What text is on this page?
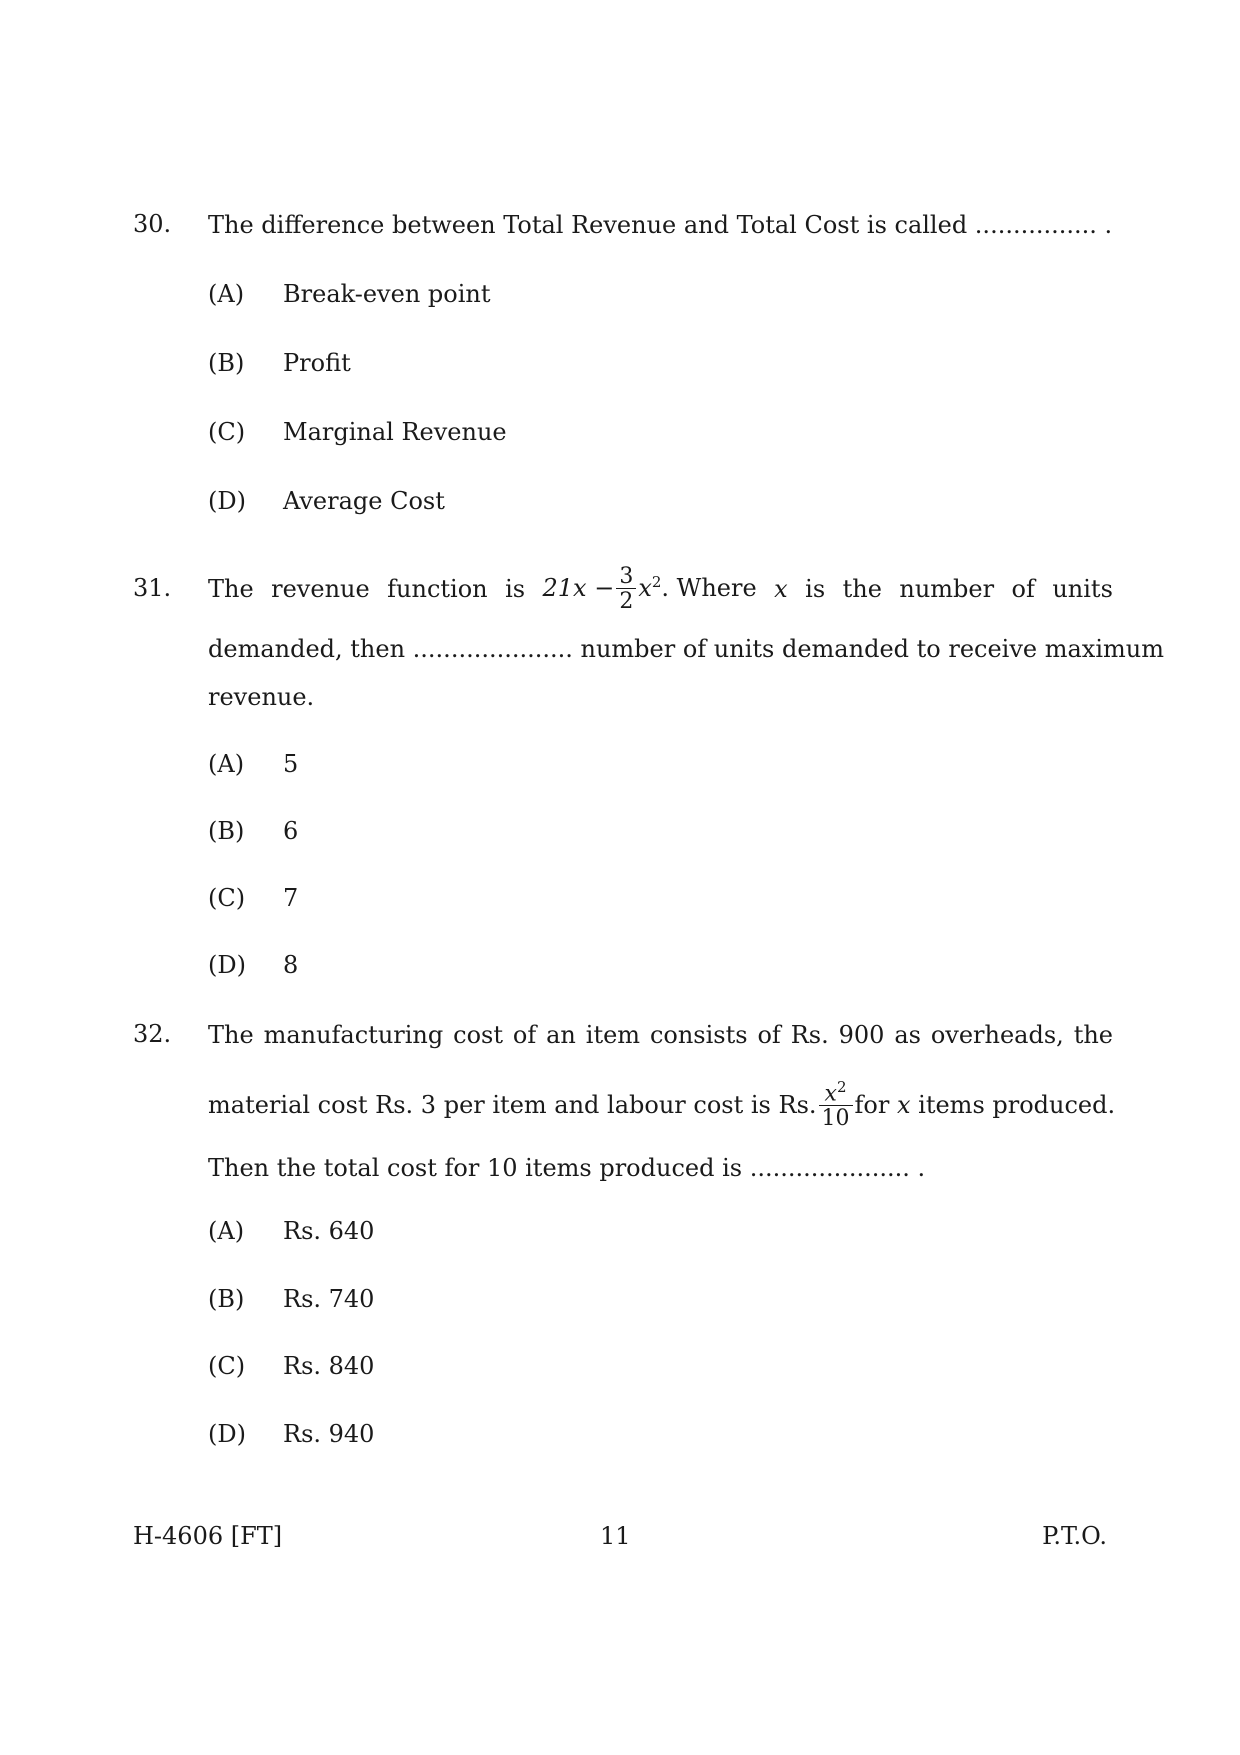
30. The difference between Total Revenue and Total Cost is called ................ .
(A) Break-even point
(B) Profit
(C) Marginal Revenue
(D) Average Cost
31. The revenue function is $21x - \frac{3}{2} x^2$. Where x is the number of units
demanded, then ..................... number of units demanded to receive maximum
revenue.
(A) 5
(B) 6
(C) 7
(D) 8
32. The manufacturing cost of an item consists of Rs. 900 as overheads, the
material cost Rs. 3 per item and labour cost is Rs. $\frac{x^2}{10}$ for x items produced.
Then the total cost for 10 items produced is ..................... .
(A) Rs. 640
(B) Rs. 740
(C) Rs. 840
(D) Rs. 940
H-4606 [FT]	11	P.T.O.
